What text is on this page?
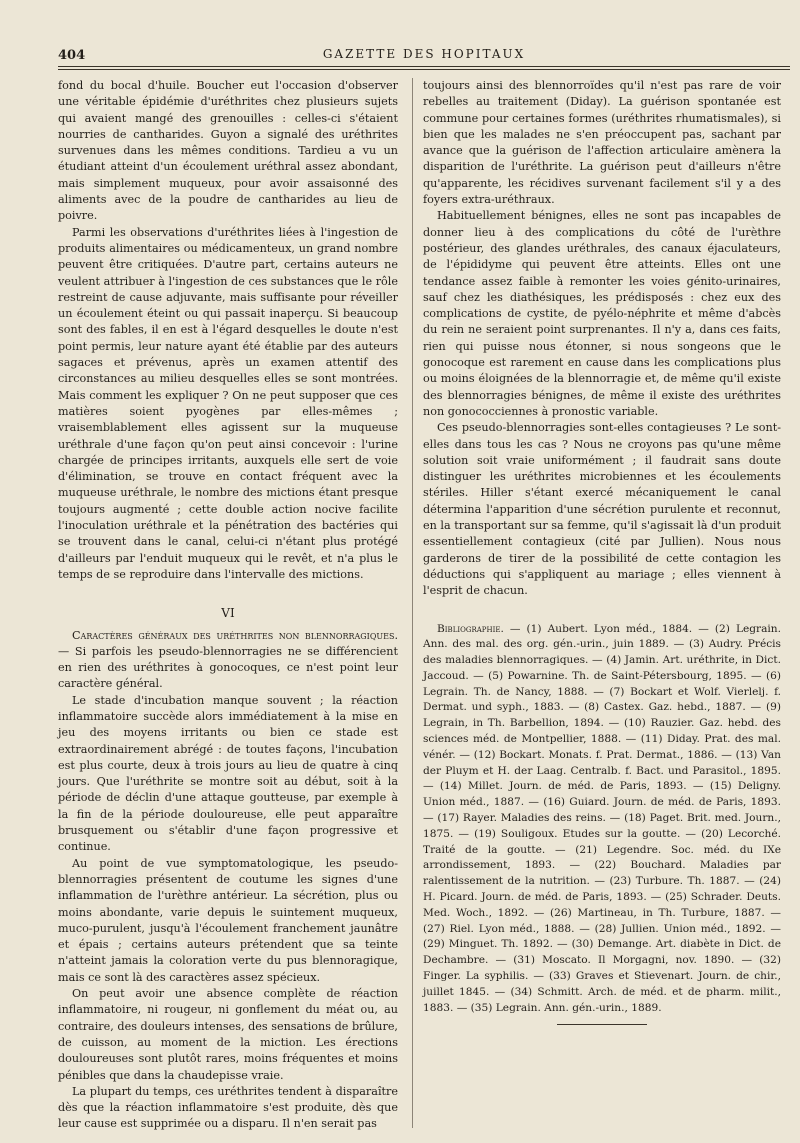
404	GAZETTE DES HOPITAUX

fond du bocal d'huile. Boucher eut l'occasion d'observer une véritable épidémie d'uréthrites chez plusieurs sujets qui avaient mangé des grenouilles : celles-ci s'étaient nourries de cantharides. Guyon a signalé des uréthrites survenues dans les mêmes conditions. Tardieu a vu un étudiant atteint d'un écoulement uréthral assez abondant, mais simplement muqueux, pour avoir assaisonné des aliments avec de la poudre de cantharides au lieu de poivre.

Parmi les observations d'uréthrites liées à l'ingestion de produits alimentaires ou médicamenteux, un grand nombre peuvent être critiquées. D'autre part, certains auteurs ne veulent attribuer à l'ingestion de ces substances que le rôle restreint de cause adjuvante, mais suffisante pour réveiller un écoulement éteint ou qui passait inaperçu. Si beaucoup sont des fables, il en est à l'égard desquelles le doute n'est point permis, leur nature ayant été établie par des auteurs sagaces et prévenus, après un examen attentif des circonstances au milieu desquelles elles se sont montrées. Mais comment les expliquer ? On ne peut supposer que ces matières soient pyogènes par elles-mêmes ; vraisemblablement elles agissent sur la muqueuse uréthrale d'une façon qu'on peut ainsi concevoir : l'urine chargée de principes irritants, auxquels elle sert de voie d'élimination, se trouve en contact fréquent avec la muqueuse uréthrale, le nombre des mictions étant presque toujours augmenté ; cette double action nocive facilite l'inoculation uréthrale et la pénétration des bactéries qui se trouvent dans le canal, celui-ci n'étant plus protégé d'ailleurs par l'enduit muqueux qui le revêt, et n'a plus le temps de se reproduire dans l'intervalle des mictions.

VI

Caractères généraux des uréthrites non blennorragiques. — Si parfois les pseudo-blennorragies ne se différencient en rien des uréthrites à gonocoques, ce n'est point leur caractère général.

Le stade d'incubation manque souvent ; la réaction inflammatoire succède alors immédiatement à la mise en jeu des moyens irritants ou bien ce stade est extraordinairement abrégé : de toutes façons, l'incubation est plus courte, deux à trois jours au lieu de quatre à cinq jours. Que l'uréthrite se montre soit au début, soit à la période de déclin d'une attaque goutteuse, par exemple à la fin de la période douloureuse, elle peut apparaître brusquement ou s'établir d'une façon progressive et continue.

Au point de vue symptomatologique, les pseudo-blennorragies présentent de coutume les signes d'une inflammation de l'urèthre antérieur. La sécrétion, plus ou moins abondante, varie depuis le suintement muqueux, muco-purulent, jusqu'à l'écoulement franchement jaunâtre et épais ; certains auteurs prétendent que sa teinte n'atteint jamais la coloration verte du pus blennoragique, mais ce sont là des caractères assez spécieux.

On peut avoir une absence complète de réaction inflammatoire, ni rougeur, ni gonflement du méat ou, au contraire, des douleurs intenses, des sensations de brûlure, de cuisson, au moment de la miction. Les érections douloureuses sont plutôt rares, moins fréquentes et moins pénibles que dans la chaudepisse vraie.

La plupart du temps, ces uréthrites tendent à disparaître dès que la réaction inflammatoire s'est produite, dès que leur cause est supprimée ou a disparu. Il n'en serait pas

toujours ainsi des blennorroïdes qu'il n'est pas rare de voir rebelles au traitement (Diday). La guérison spontanée est commune pour certaines formes (uréthrites rhumatismales), si bien que les malades ne s'en préoccupent pas, sachant par avance que la guérison de l'affection articulaire amènera la disparition de l'uréthrite. La guérison peut d'ailleurs n'être qu'apparente, les récidives survenant facilement s'il y a des foyers extra-uréthraux.

Habituellement bénignes, elles ne sont pas incapables de donner lieu à des complications du côté de l'urèthre postérieur, des glandes uréthrales, des canaux éjaculateurs, de l'épididyme qui peuvent être atteints. Elles ont une tendance assez faible à remonter les voies génito-urinaires, sauf chez les diathésiques, les prédisposés : chez eux des complications de cystite, de pyélo-néphrite et même d'abcès du rein ne seraient point surprenantes. Il n'y a, dans ces faits, rien qui puisse nous étonner, si nous songeons que le gonocoque est rarement en cause dans les complications plus ou moins éloignées de la blennorragie et, de même qu'il existe des blennorragies bénignes, de même il existe des uréthrites non gonococciennes à pronostic variable.

Ces pseudo-blennorragies sont-elles contagieuses ? Le sont-elles dans tous les cas ? Nous ne croyons pas qu'une même solution soit vraie uniformément ; il faudrait sans doute distinguer les uréthrites microbiennes et les écoulements stériles. Hiller s'étant exercé mécaniquement le canal détermina l'apparition d'une sécrétion purulente et reconnut, en la transportant sur sa femme, qu'il s'agissait là d'un produit essentiellement contagieux (cité par Jullien). Nous nous garderons de tirer de la possibilité de cette contagion les déductions qui s'appliquent au mariage ; elles viennent à l'esprit de chacun.

Bibliographie. — (1) Aubert. Lyon méd., 1884. — (2) Legrain. Ann. des mal. des org. gén.-urin., juin 1889. — (3) Audry. Précis des maladies blennorragiques. — (4) Jamin. Art. uréthrite, in Dict. Jaccoud. — (5) Powarnine. Th. de Saint-Pétersbourg, 1895. — (6) Legrain. Th. de Nancy, 1888. — (7) Bockart et Wolf. Vierlelj. f. Dermat. und syph., 1883. — (8) Castex. Gaz. hebd., 1887. — (9) Legrain, in Th. Barbellion, 1894. — (10) Rauzier. Gaz. hebd. des sciences méd. de Montpellier, 1888. — (11) Diday. Prat. des mal. vénér. — (12) Bockart. Monats. f. Prat. Dermat., 1886. — (13) Van der Pluym et H. der Laag. Centralb. f. Bact. und Parasitol., 1895. — (14) Millet. Journ. de méd. de Paris, 1893. — (15) Deligny. Union méd., 1887. — (16) Guiard. Journ. de méd. de Paris, 1893. — (17) Rayer. Maladies des reins. — (18) Paget. Brit. med. Journ., 1875. — (19) Souligoux. Etudes sur la goutte. — (20) Lecorché. Traité de la goutte. — (21) Legendre. Soc. méd. du IXe arrondissement, 1893. — (22) Bouchard. Maladies par ralentissement de la nutrition. — (23) Turbure. Th. 1887. — (24) H. Picard. Journ. de méd. de Paris, 1893. — (25) Schrader. Deuts. Med. Woch., 1892. — (26) Martineau, in Th. Turbure, 1887. — (27) Riel. Lyon méd., 1888. — (28) Jullien. Union méd., 1892. — (29) Minguet. Th. 1892. — (30) Demange. Art. diabète in Dict. de Dechambre. — (31) Moscato. Il Morgagni, nov. 1890. — (32) Finger. La syphilis. — (33) Graves et Stievenart. Journ. de chir., juillet 1845. — (34) Schmitt. Arch. de méd. et de pharm. milit., 1883. — (35) Legrain. Ann. gén.-urin., 1889.
